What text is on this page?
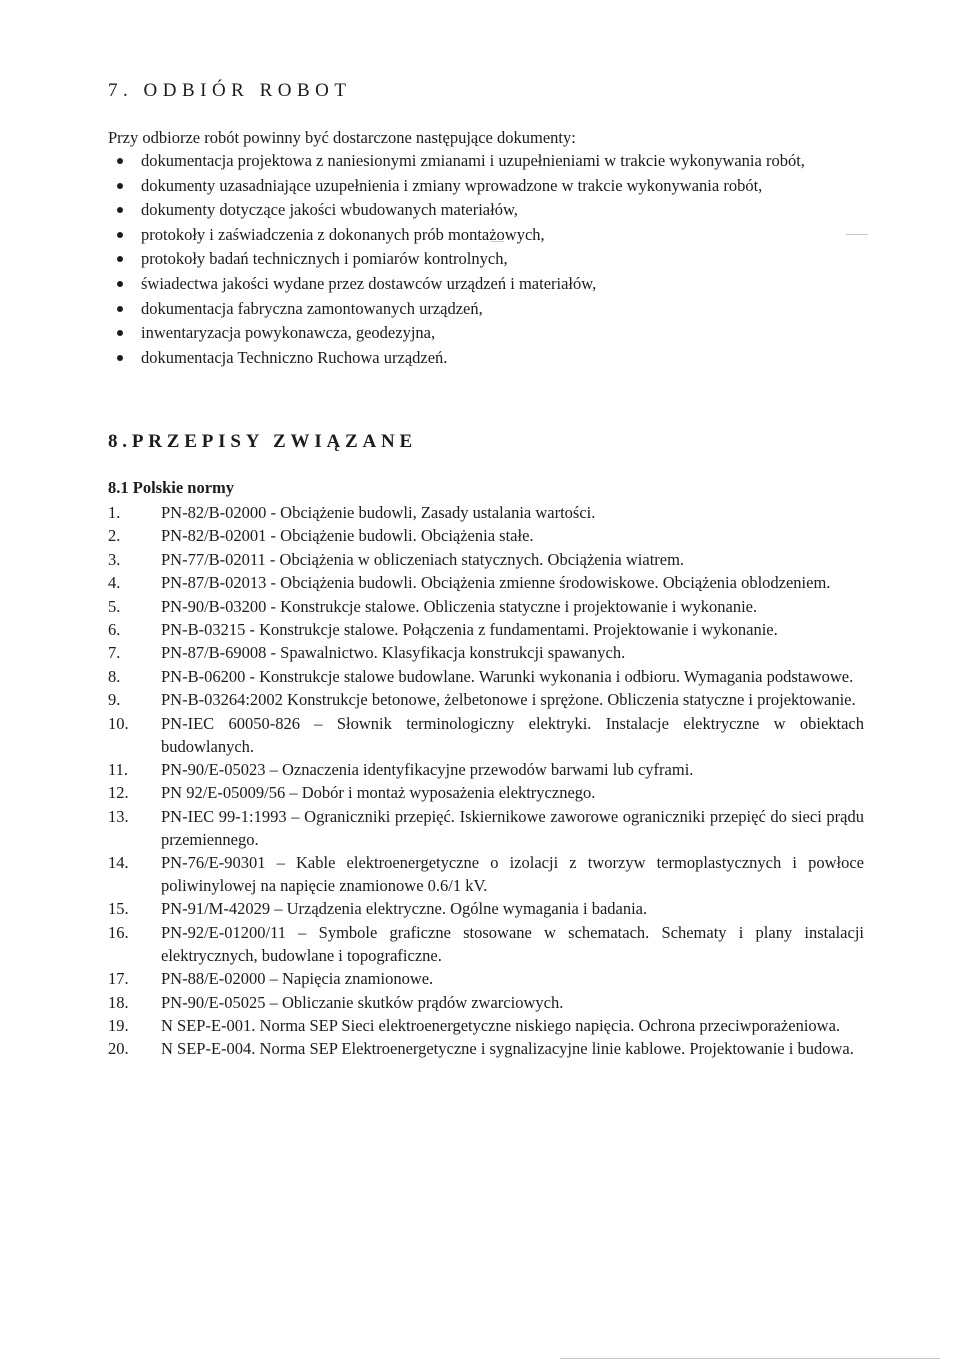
7. ODBIÓR ROBOT

Przy odbiorze robót powinny być dostarczone następujące dokumenty:

dokumentacja projektowa z naniesionymi zmianami i uzupełnieniami w trakcie wykonywania robót,
dokumenty uzasadniające uzupełnienia i zmiany wprowadzone w trakcie wykonywania robót,
dokumenty dotyczące jakości wbudowanych materiałów,
protokoły i zaświadczenia z dokonanych prób montażowych,
protokoły badań technicznych i pomiarów kontrolnych,
świadectwa jakości wydane przez dostawców urządzeń i materiałów,
dokumentacja fabryczna zamontowanych urządzeń,
inwentaryzacja powykonawcza, geodezyjna,
dokumentacja Techniczno Ruchowa urządzeń.
8.PRZEPISY ZWIĄZANE
8.1 Polskie normy
1.	PN-82/B-02000 - Obciążenie budowli, Zasady ustalania wartości.
2.	PN-82/B-02001 - Obciążenie budowli. Obciążenia stałe.
3.	PN-77/B-02011 - Obciążenia w obliczeniach statycznych. Obciążenia wiatrem.
4.	PN-87/B-02013 - Obciążenia budowli. Obciążenia zmienne środowiskowe. Obciążenia oblodzeniem.
5.	PN-90/B-03200 - Konstrukcje stalowe. Obliczenia statyczne i projektowanie i wykonanie.
6.	PN-B-03215 - Konstrukcje stalowe. Połączenia z fundamentami. Projektowanie i wykonanie.
7.	PN-87/B-69008 - Spawalnictwo. Klasyfikacja konstrukcji spawanych.
8.	PN-B-06200 - Konstrukcje stalowe budowlane. Warunki wykonania i odbioru. Wymagania podstawowe.
9.	PN-B-03264:2002 Konstrukcje betonowe, żelbetonowe i sprężone. Obliczenia statyczne i projektowanie.
10.	PN-IEC 60050-826 – Słownik terminologiczny elektryki. Instalacje elektryczne w obiektach budowlanych.
11.	PN-90/E-05023 – Oznaczenia identyfikacyjne przewodów barwami lub cyframi.
12.	PN 92/E-05009/56 – Dobór i montaż wyposażenia elektrycznego.
13.	PN-IEC 99-1:1993 – Ograniczniki przepięć. Iskiernikowe zaworowe ograniczniki przepięć do sieci prądu przemiennego.
14.	PN-76/E-90301 – Kable elektroenergetyczne o izolacji z tworzyw termoplastycznych i powłoce poliwinylowej na napięcie znamionowe 0.6/1 kV.
15.	PN-91/M-42029 – Urządzenia elektryczne. Ogólne wymagania i badania.
16.	PN-92/E-01200/11 – Symbole graficzne stosowane w schematach. Schematy i plany instalacji elektrycznych, budowlane i topograficzne.
17.	PN-88/E-02000 – Napięcia znamionowe.
18.	PN-90/E-05025 – Obliczanie skutków prądów zwarciowych.
19.	N SEP-E-001. Norma SEP Sieci elektroenergetyczne niskiego napięcia. Ochrona przeciwporażeniowa.
20.	N SEP-E-004. Norma SEP Elektroenergetyczne i sygnalizacyjne linie kablowe. Projektowanie i budowa.
